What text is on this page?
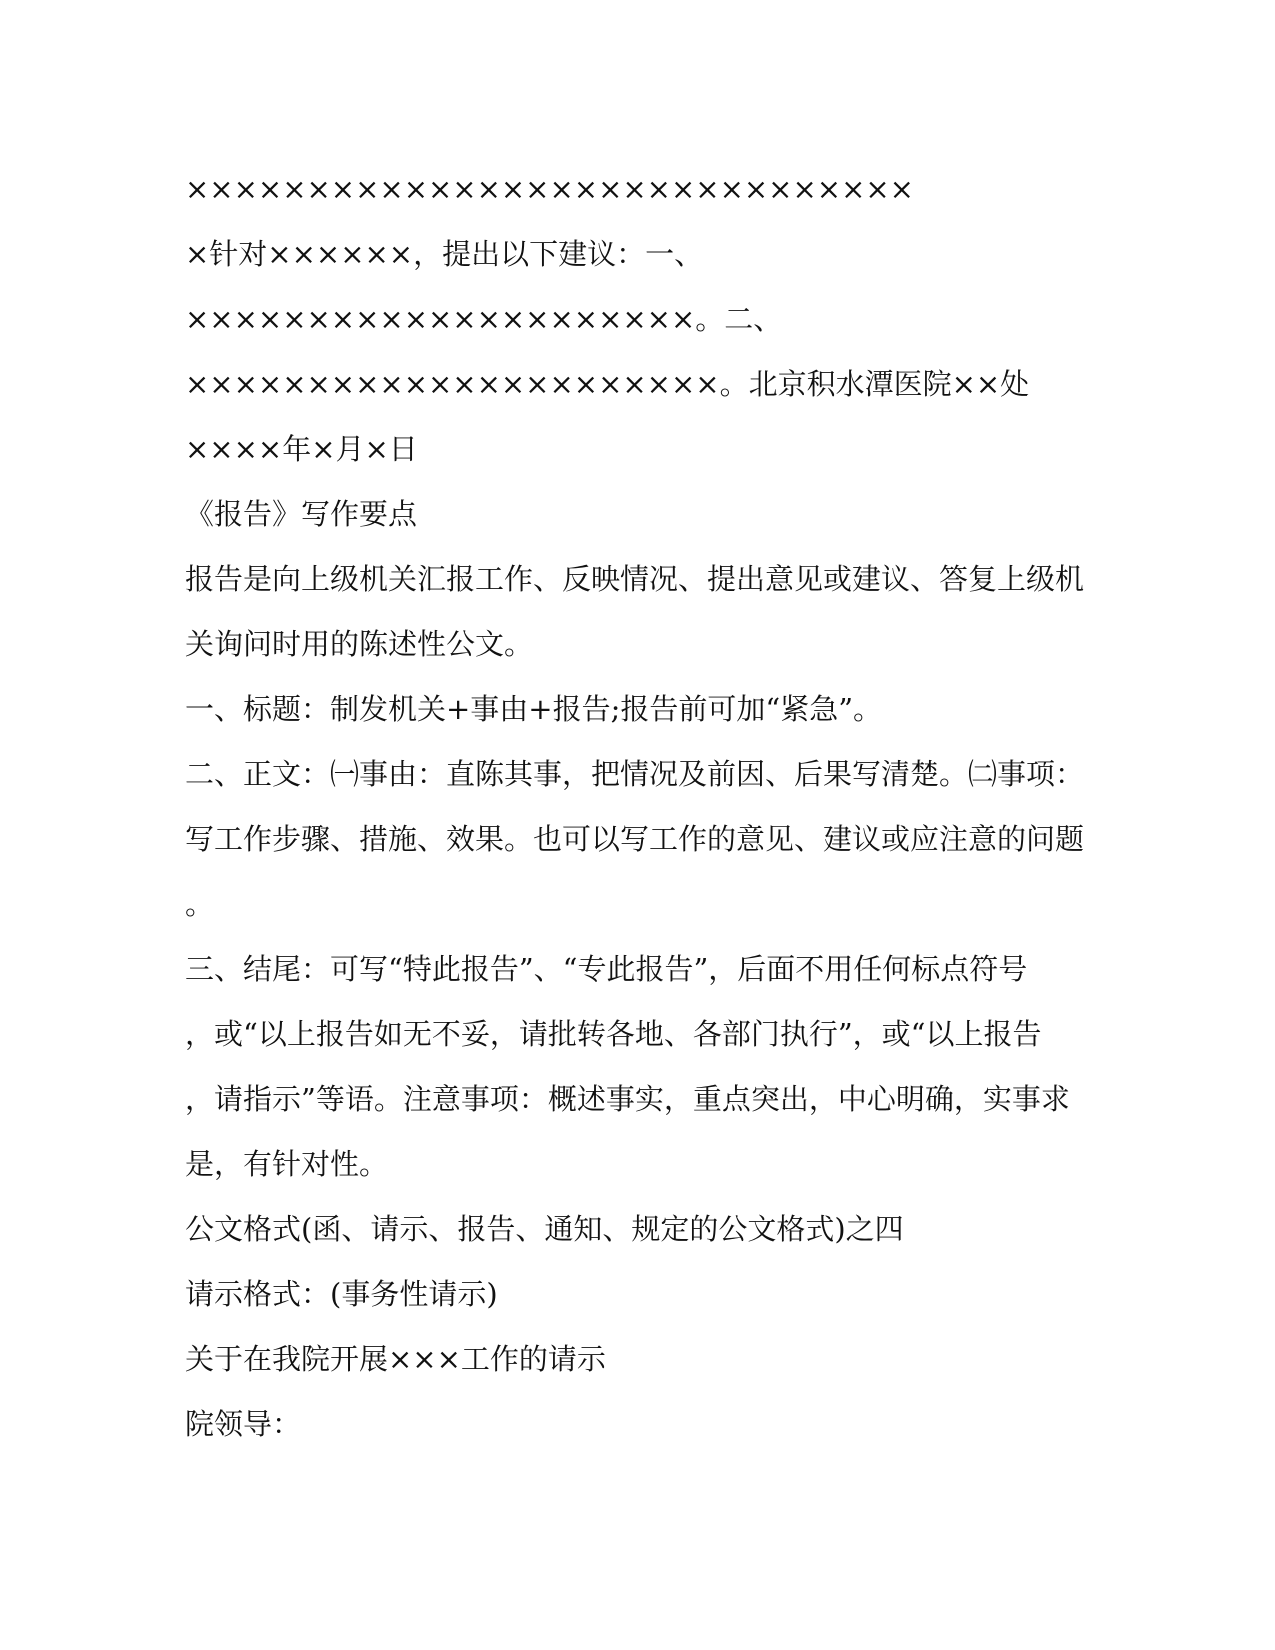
××××××××××××××××××××××××××××××
×针对××××××，提出以下建议：一、
×××××××××××××××××××××。二、
××××××××××××××××××××××。北京积水潭医院××处
××××年×月×日
《报告》写作要点
报告是向上级机关汇报工作、反映情况、提出意见或建议、答复上级机
关询问时用的陈述性公文。
一、标题：制发机关+事由+报告;报告前可加“紧急”。
二、正文：㈠事由：直陈其事，把情况及前因、后果写清楚。㈡事项：
写工作步骤、措施、效果。也可以写工作的意见、建议或应注意的问题
。
三、结尾：可写“特此报告”、“专此报告”，后面不用任何标点符号
，或“以上报告如无不妥，请批转各地、各部门执行”，或“以上报告
，请指示”等语。注意事项：概述事实，重点突出，中心明确，实事求
是，有针对性。
公文格式(函、请示、报告、通知、规定的公文格式)之四
请示格式：(事务性请示)
关于在我院开展×××工作的请示
院领导：
